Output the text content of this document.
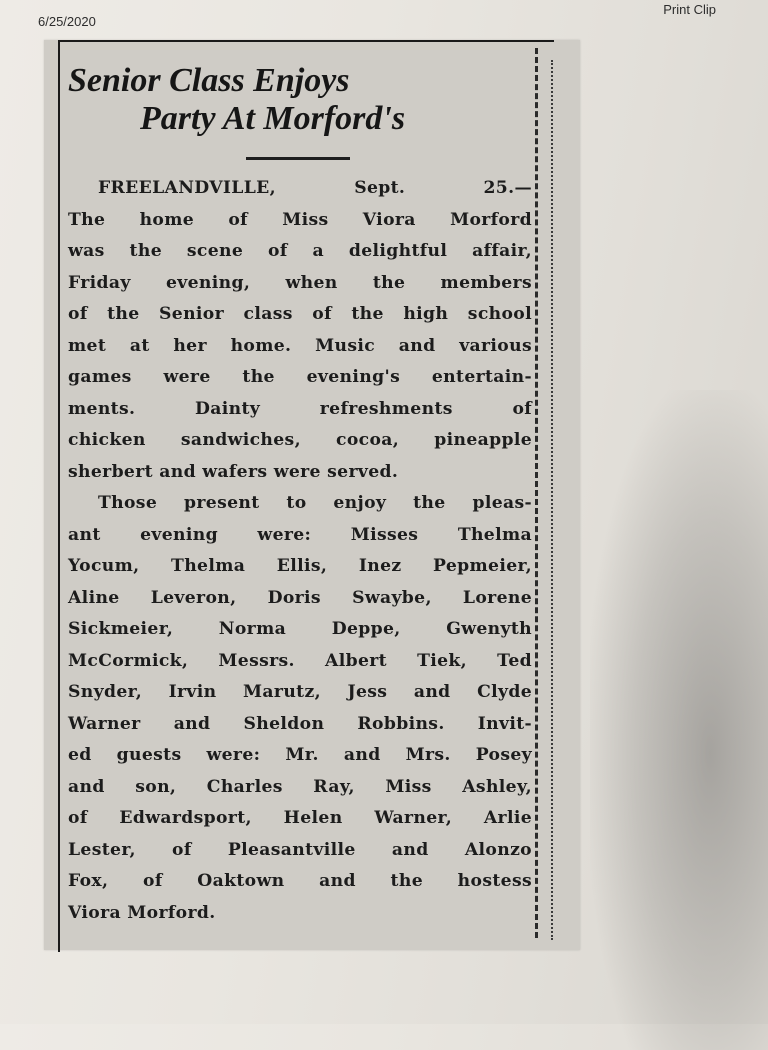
6/25/2020
Print Clip
Senior Class Enjoys
Party At Morford's
FREELANDVILLE, Sept. 25.—
The home of Miss Viora Morford
was the scene of a delightful affair,
Friday evening, when the members
of the Senior class of the high school
met at her home. Music and various
games were the evening's entertain-
ments. Dainty refreshments of
chicken sandwiches, cocoa, pineapple
sherbert and wafers were served.
Those present to enjoy the pleas-
ant evening were: Misses Thelma
Yocum, Thelma Ellis, Inez Pepmeier,
Aline Leveron, Doris Swaybe, Lorene
Sickmeier, Norma Deppe, Gwenyth
McCormick, Messrs. Albert Tiek, Ted
Snyder, Irvin Marutz, Jess and Clyde
Warner and Sheldon Robbins. Invit-
ed guests were: Mr. and Mrs. Posey
and son, Charles Ray, Miss Ashley,
of Edwardsport, Helen Warner, Arlie
Lester, of Pleasantville and Alonzo
Fox, of Oaktown and the hostess
Viora Morford.
